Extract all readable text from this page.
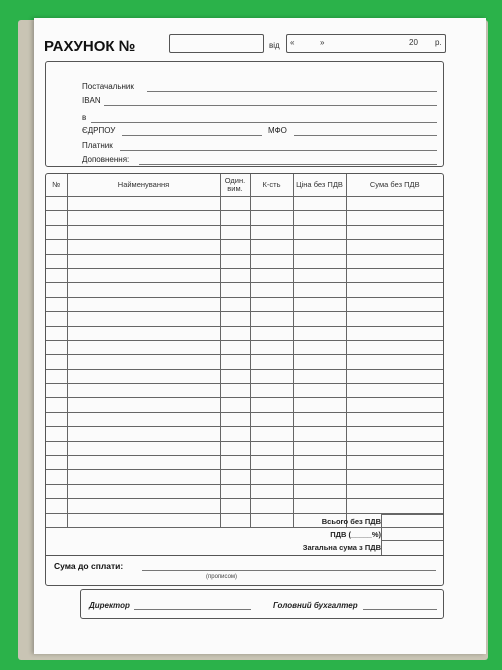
РАХУНОК №	від «	»	20 р.
Постачальник
IBAN
в
ЄДРПОУ	МФО
Платник
Доповнення:
№	Найменування	Один. вим.	К-сть	Ціна без ПДВ	Сума без ПДВ

Всього без ПДВ
ПДВ (_____%)
Загальна сума з ПДВ
Сума до сплати:
(прописом)
Директор	Головний бухгалтер
